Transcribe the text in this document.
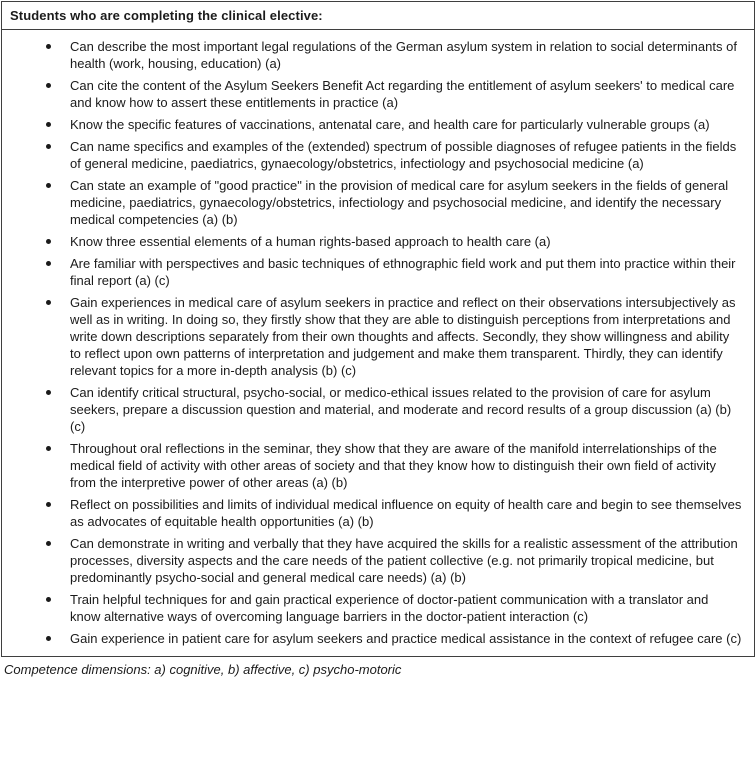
Students who are completing the clinical elective:
Can describe the most important legal regulations of the German asylum system in relation to social determinants of health (work, housing, education) (a)
Can cite the content of the Asylum Seekers Benefit Act regarding the entitlement of asylum seekers' to medical care and know how to assert these entitlements in practice (a)
Know the specific features of vaccinations, antenatal care, and health care for particularly vulnerable groups (a)
Can name specifics and examples of the (extended) spectrum of possible diagnoses of refugee patients in the fields of general medicine, paediatrics, gynaecology/obstetrics, infectiology and psychosocial medicine (a)
Can state an example of "good practice" in the provision of medical care for asylum seekers in the fields of general medicine, paediatrics, gynaecology/obstetrics, infectiology and psychosocial medicine, and identify the necessary medical competencies (a) (b)
Know three essential elements of a human rights-based approach to health care (a)
Are familiar with perspectives and basic techniques of ethnographic field work and put them into practice within their final report (a) (c)
Gain experiences in medical care of asylum seekers in practice and reflect on their observations intersubjectively as well as in writing. In doing so, they firstly show that they are able to distinguish perceptions from interpretations and write down descriptions separately from their own thoughts and affects. Secondly, they show willingness and ability to reflect upon own patterns of interpretation and judgement and make them transparent. Thirdly, they can identify relevant topics for a more in-depth analysis (b) (c)
Can identify critical structural, psycho-social, or medico-ethical issues related to the provision of care for asylum seekers, prepare a discussion question and material, and moderate and record results of a group discussion (a) (b) (c)
Throughout oral reflections in the seminar, they show that they are aware of the manifold interrelationships of the medical field of activity with other areas of society and that they know how to distinguish their own field of activity from the interpretive power of other areas (a) (b)
Reflect on possibilities and limits of individual medical influence on equity of health care and begin to see themselves as advocates of equitable health opportunities (a) (b)
Can demonstrate in writing and verbally that they have acquired the skills for a realistic assessment of the attribution processes, diversity aspects and the care needs of the patient collective (e.g. not primarily tropical medicine, but predominantly psycho-social and general medical care needs) (a) (b)
Train helpful techniques for and gain practical experience of doctor-patient communication with a translator and know alternative ways of overcoming language barriers in the doctor-patient interaction (c)
Gain experience in patient care for asylum seekers and practice medical assistance in the context of refugee care (c)
Competence dimensions: a) cognitive, b) affective, c) psycho-motoric
